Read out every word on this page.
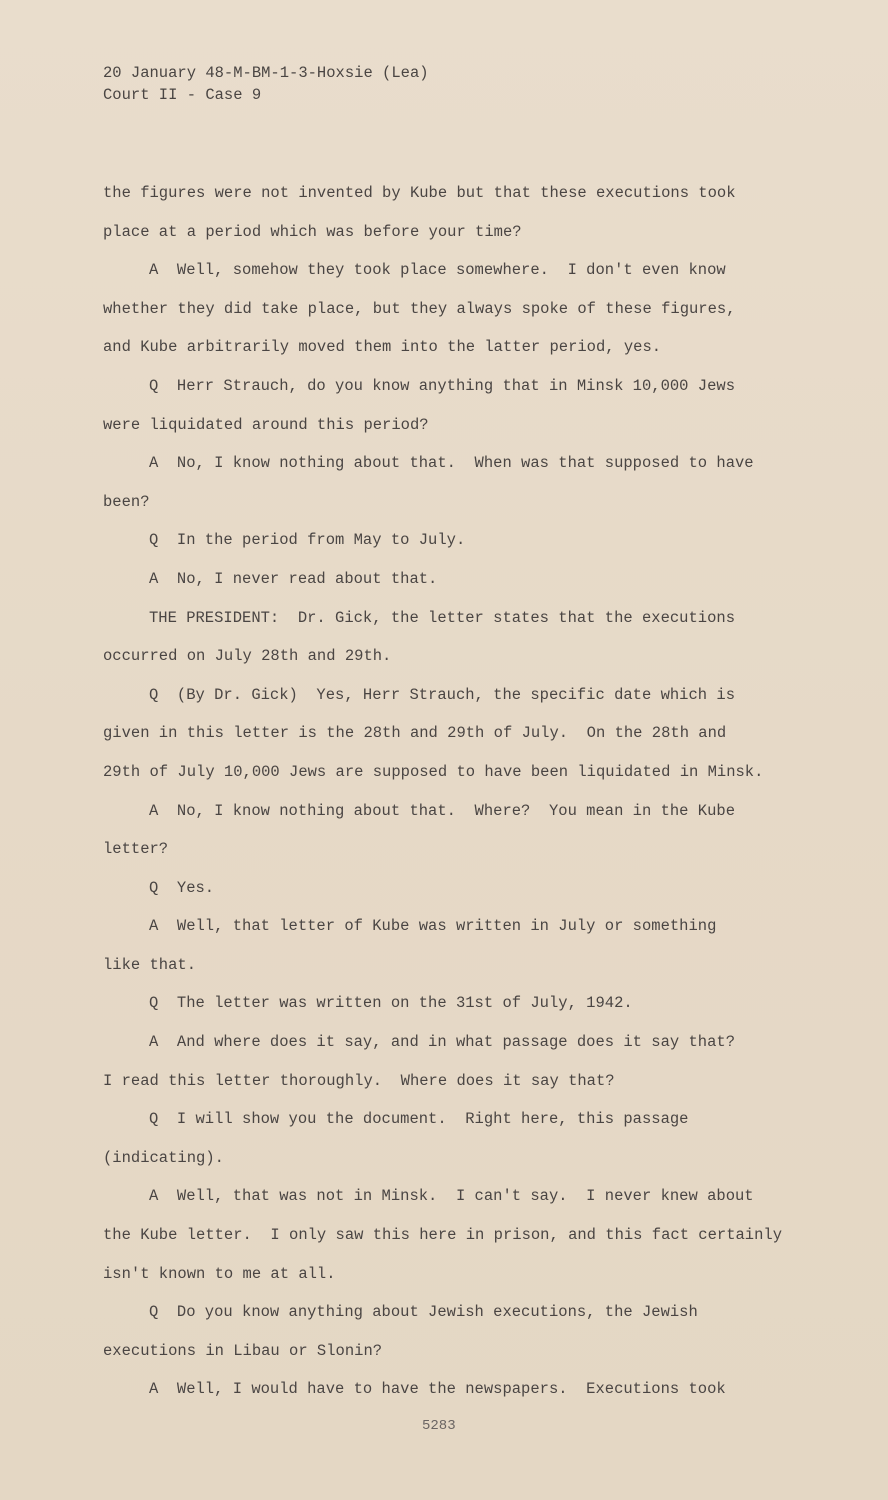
20 January 48-M-BM-1-3-Hoxsie (Lea)
Court II - Case 9
the figures were not invented by Kube but that these executions took
place at a period which was before your time?
A  Well, somehow they took place somewhere.  I don't even know
whether they did take place, but they always spoke of these figures,
and Kube arbitrarily moved them into the latter period, yes.
Q  Herr Strauch, do you know anything that in Minsk 10,000 Jews
were liquidated around this period?
A  No, I know nothing about that.  When was that supposed to have
been?
Q  In the period from May to July.
A  No, I never read about that.
THE PRESIDENT:  Dr. Gick, the letter states that the executions
occurred on July 28th and 29th.
Q  (By Dr. Gick)  Yes, Herr Strauch, the specific date which is
given in this letter is the 28th and 29th of July.  On the 28th and
29th of July 10,000 Jews are supposed to have been liquidated in Minsk.
A  No, I know nothing about that.  Where?  You mean in the Kube
letter?
Q  Yes.
A  Well, that letter of Kube was written in July or something
like that.
Q  The letter was written on the 31st of July, 1942.
A  And where does it say, and in what passage does it say that?
I read this letter thoroughly.  Where does it say that?
Q  I will show you the document.  Right here, this passage
(indicating).
A  Well, that was not in Minsk.  I can't say.  I never knew about
the Kube letter.  I only saw this here in prison, and this fact certainly
isn't known to me at all.
Q  Do you know anything about Jewish executions, the Jewish
executions in Libau or Slonin?
A  Well, I would have to have the newspapers.  Executions took
5283
